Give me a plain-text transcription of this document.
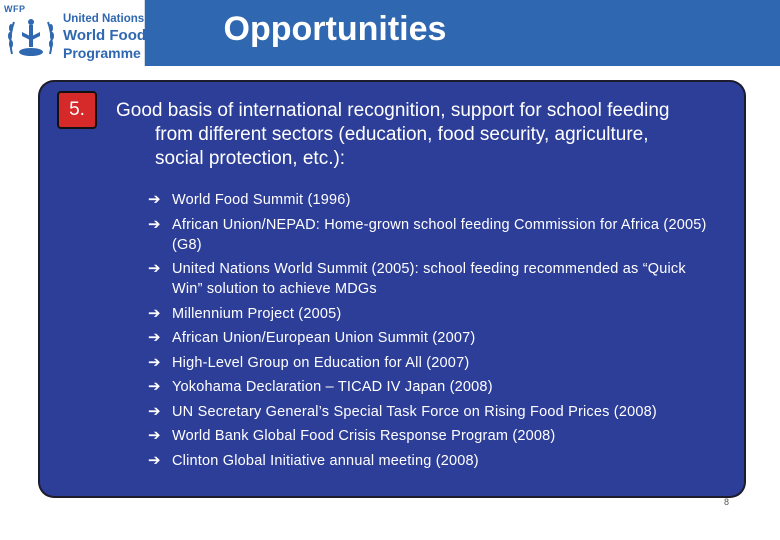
WFP
United Nations
World Food
Programme
Opportunities
5.	Good basis of international recognition, support for school feeding from different sectors (education, food security, agriculture, social protection, etc.):
➔ World Food Summit (1996)
➔ African Union/NEPAD: Home-grown school feeding Commission for Africa (2005) (G8)
➔ United Nations World Summit (2005): school feeding recommended as “Quick Win” solution to achieve MDGs
➔ Millennium Project (2005)
➔ African Union/European Union Summit (2007)
➔ High-Level Group on Education for All (2007)
➔ Yokohama Declaration – TICAD IV Japan (2008)
➔ UN Secretary General’s Special Task Force on Rising Food Prices (2008)
➔ World Bank Global Food Crisis Response Program (2008)
➔ Clinton Global Initiative annual meeting (2008)
8
